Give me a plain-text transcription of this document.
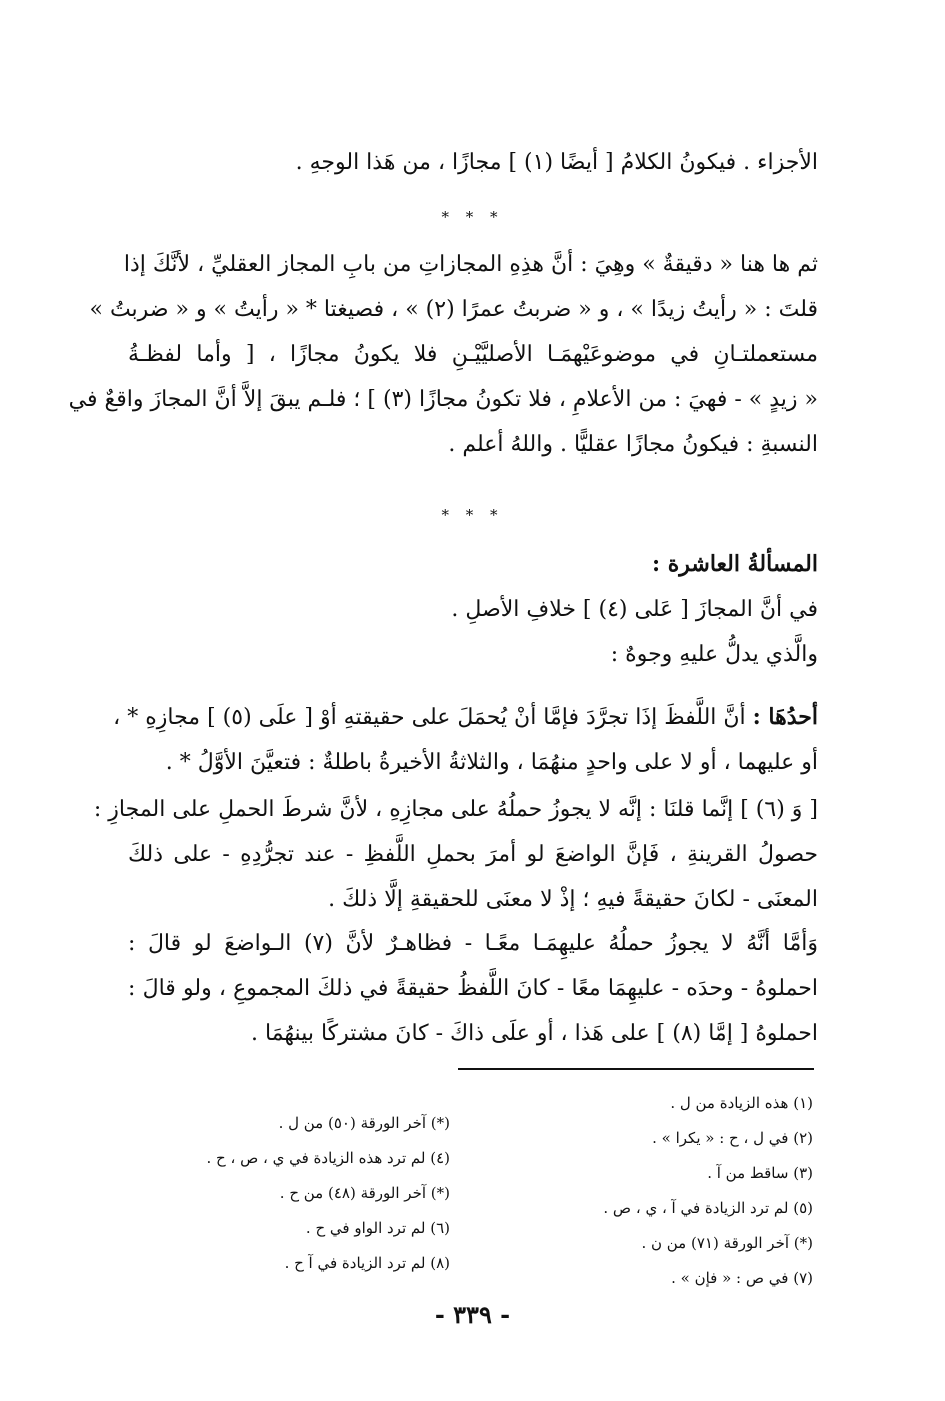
الأجزاء . فيكونُ الكلامُ [ أيضًا (١) ] مجازًا ، من هَذا الوجهِ .
* * *
ثم ها هنا « دقيقةٌ » وهِيَ : أنَّ هذِهِ المجازاتِ من بابِ المجاز العقليِّ ، لأنَّكَ إذا
قلتَ : « رأيتُ زيدًا » ، و « ضربتُ عمرًا (٢) » ، فصيغتا * « رأيتُ » و « ضربتُ »
مستعملتـانِ في موضوعَيْهمَـا الأصليَّيْـنِ فلا يكونُ مجازًا ، [ وأما لفظـةُ
« زيدٍ » - فهيَ : من الأعلامِ ، فلا تكونُ مجازًا (٣) ] ؛ فلـم يبقَ إلاَّ أنَّ المجازَ واقعٌ في
النسبةِ : فيكونُ مجازًا عقليًّا . واللهُ أعلم .
* * *
المسألةُ العاشرة :
في أنَّ المجازَ [ عَلى (٤) ] خلافِ الأصلِ .
والَّذي يدلُّ عليهِ وجوهٌ :
أحدُهَا : أنَّ اللَّفظَ إذَا تجرَّدَ فإمَّا أنْ يُحمَلَ على حقيقتهِ أوْ [ علَى (٥) ] مجازِهِ * ،
أو عليهما ، أو لا على واحدٍ منهُمَا ، والثلاثةُ الأخيرةُ باطلةٌ : فتعيَّنَ الأوَّلُ * .
[ وَ (٦) ] إنَّما قلنَا : إنَّه لا يجوزُ حملُهُ على مجازِهِ ، لأنَّ شرطَ الحملِ على المجازِ :
حصولُ القرينةِ ، فَإنَّ الواضعَ لو أمرَ بحملِ اللَّفظِ - عند تجرُّدِهِ - على ذلكَ
المعنَى - لكانَ حقيقةً فيهِ ؛ إذْ لا معنَى للحقيقةِ إلَّا ذلكَ .
وَأمَّا أنَّهُ لا يجوزُ حملُهُ عليهِمَـا معًـا - فظاهـرٌ لأنَّ (٧) الـواضعَ لو قالَ :
احملوهُ - وحدَه - عليهِمَا معًا - كانَ اللَّفظُ حقيقةً في ذلكَ المجموعِ ، ولو قالَ :
احملوهُ [ إمَّا (٨) ] على هَذا ، أو علَى ذاكَ - كانَ مشتركًا بينهُمَا .
(١) هذه الزيادة من ل .
(٢) في ل ، ح : « يكرا » .
(٣) ساقط من آ .
(٥) لم ترد الزيادة في آ ، ي ، ص .
(*) آخر الورقة (٧١) من ن .
(٧) في ص : « فإن » .
(*) آخر الورقة (٥٠) من ل .
(٤) لم ترد هذه الزيادة في ي ، ص ، ح .
(*) آخر الورقة (٤٨) من ح .
(٦) لم ترد الواو في ح .
(٨) لم ترد الزيادة في آ ح .
- ٣٣٩ -
